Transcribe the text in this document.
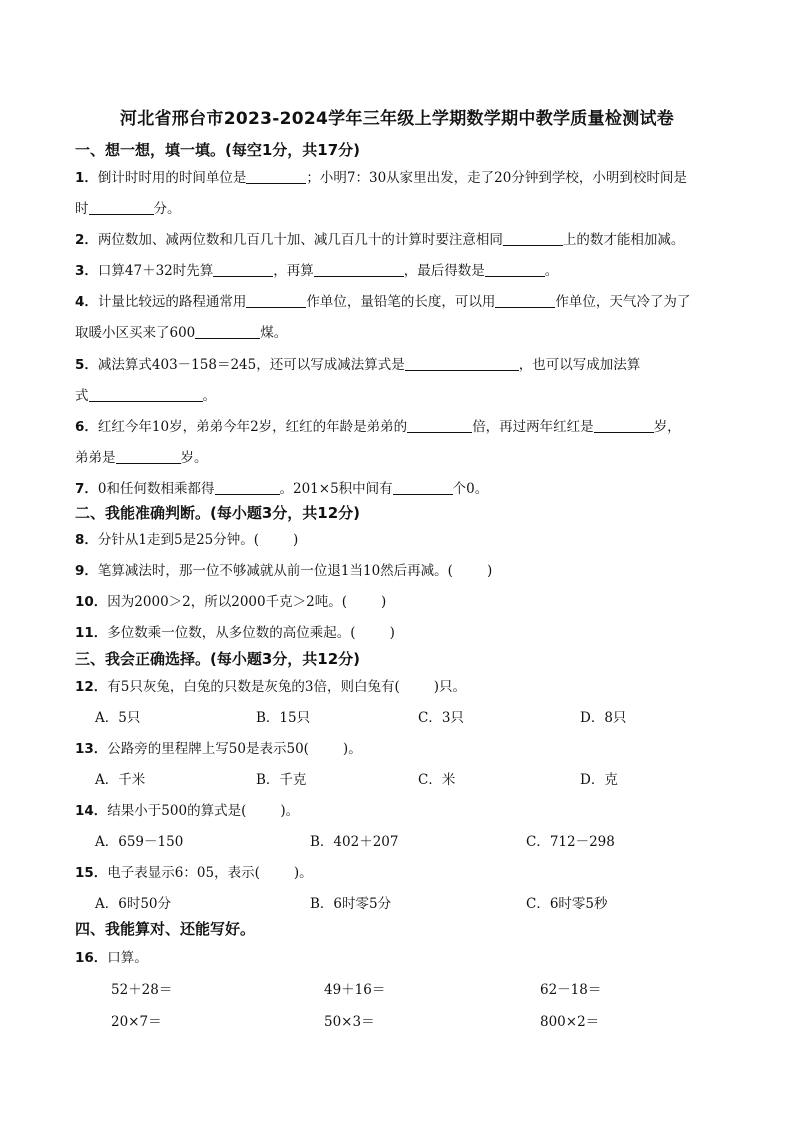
河北省邢台市2023-2024学年三年级上学期数学期中教学质量检测试卷
一、想一想，填一填。(每空1分，共17分)
1．倒计时时用的时间单位是	；小明7：30从家里出发，走了20分钟到学校，小明到校时间是
时	分。
2．两位数加、减两位数和几百几十加、减几百几十的计算时要注意相同	上的数才能相加减。
3．口算47＋32时先算	，再算	，最后得数是	。
4．计量比较远的路程通常用	作单位，量铅笔的长度，可以用	作单位，天气冷了为了
取暖小区买来了600	煤。
5．减法算式403－158＝245，还可以写成减法算式是	，也可以写成加法算
式	。
6．红红今年10岁，弟弟今年2岁，红红的年龄是弟弟的	倍，再过两年红红是	岁，
弟弟是	岁。
7．0和任何数相乘都得	。201×5积中间有	个0。
二、我能准确判断。(每小题3分，共12分)
8．分针从1走到5是25分钟。(	)
9．笔算减法时，那一位不够减就从前一位退1当10然后再减。(	)
10．因为2000＞2，所以2000千克＞2吨。(	)
11．多位数乘一位数，从多位数的高位乘起。(	)
三、我会正确选择。(每小题3分，共12分)
12．有5只灰兔，白兔的只数是灰兔的3倍，则白兔有(	)只。
A．5只	B．15只	C．3只	D．8只
13．公路旁的里程牌上写50是表示50(	)。
A．千米	B．千克	C．米	D．克
14．结果小于500的算式是(	)。
A．659－150	B．402＋207	C．712－298
15．电子表显示6：05，表示(	)。
A．6时50分	B．6时零5分	C．6时零5秒
四、我能算对、还能写好。
16．口算。
52＋28＝	49＋16＝	62－18＝
20×7＝	50×3＝	800×2＝
